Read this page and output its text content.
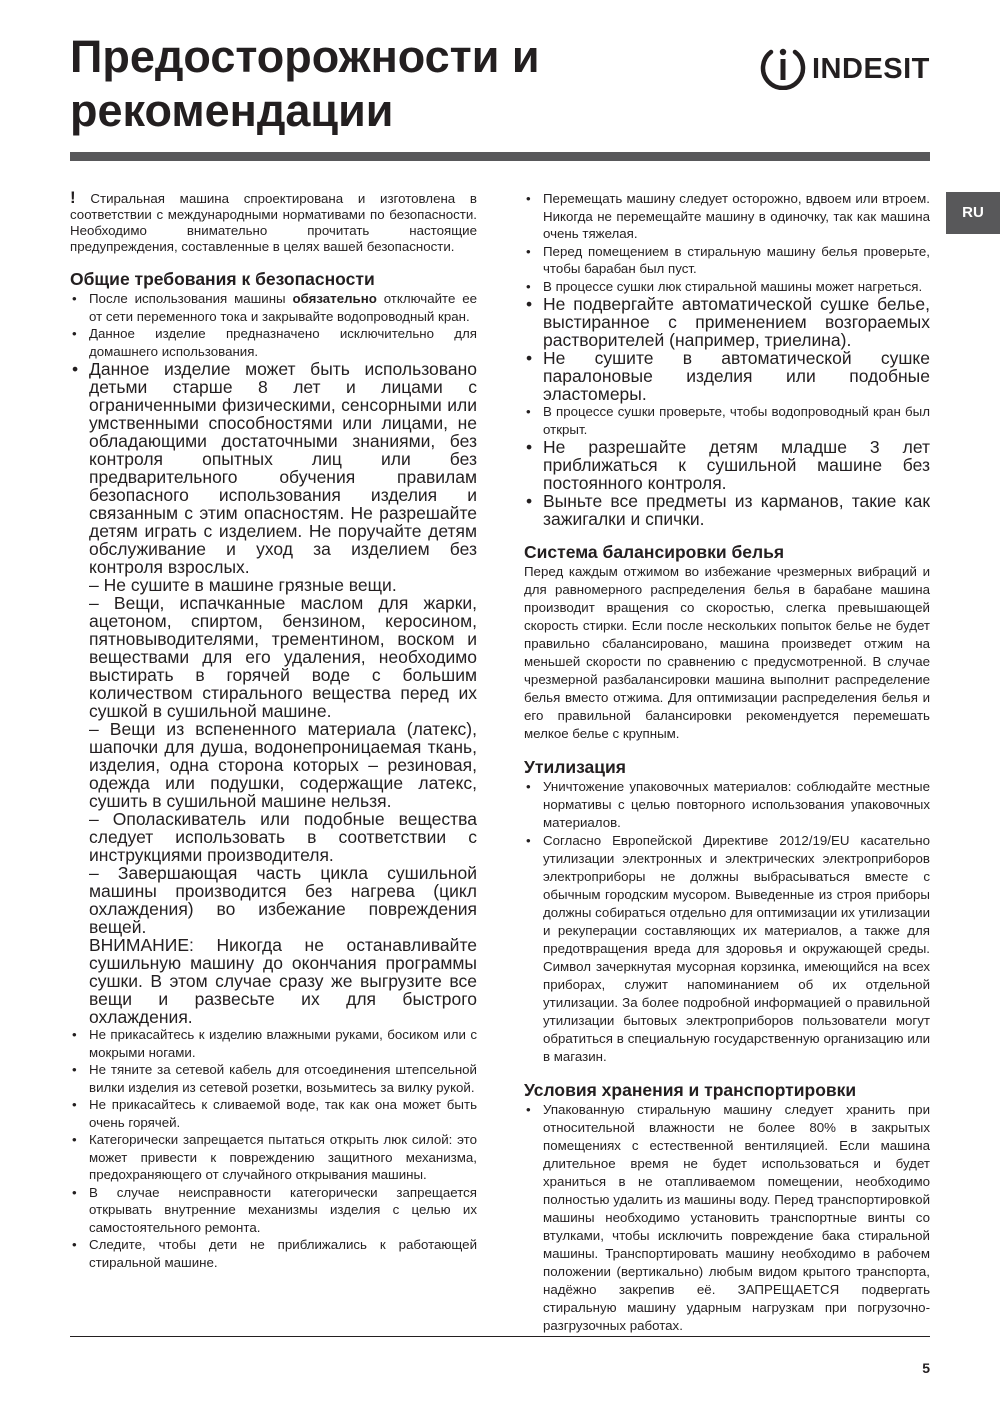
Предосторожности и
рекомендации
INDESIT
RU

! Стиральная машина спроектирована и изготовлена в соответствии с международными нормативами по безопасности. Необходимо внимательно прочитать настоящие предупреждения, составленные в целях вашей безопасности.

Общие требования к безопасности
• После использования машины обязательно отключайте ее от сети переменного тока и закрывайте водопроводный кран.
• Данное изделие предназначено исключительно для домашнего использования.
• Данное изделие может быть использовано детьми старше 8 лет и лицами с ограниченными физическими, сенсорными или умственными способностями или лицами, не обладающими достаточными знаниями, без контроля опытных лиц или без предварительного обучения правилам безопасного использования изделия и связанным с этим опасностям. Не разрешайте детям играть с изделием. Не поручайте детям обслуживание и уход за изделием без контроля взрослых.
– Не сушите в машине грязные вещи.
– Вещи, испачканные маслом для жарки, ацетоном, спиртом, бензином, керосином, пятновыводителями, трементином, воском и веществами для его удаления, необходимо выстирать в горячей воде с большим количеством стирального вещества перед их сушкой в сушильной машине.
– Вещи из вспененного материала (латекс), шапочки для душа, водонепроницаемая ткань, изделия, одна сторона которых – резиновая, одежда или подушки, содержащие латекс, сушить в сушильной машине нельзя.
– Ополаскиватель или подобные вещества следует использовать в соответствии с инструкциями производителя.
– Завершающая часть цикла сушильной машины производится без нагрева (цикл охлаждения) во избежание повреждения вещей.
ВНИМАНИЕ: Никогда не останавливайте сушильную машину до окончания программы сушки. В этом случае сразу же выгрузите все вещи и развесьте их для быстрого охлаждения.
• Не прикасайтесь к изделию влажными руками, босиком или с мокрыми ногами.
• Не тяните за сетевой кабель для отсоединения штепсельной вилки изделия из сетевой розетки, возьмитесь за вилку рукой.
• Не прикасайтесь к сливаемой воде, так как она может быть очень горячей.
• Категорически запрещается пытаться открыть люк силой: это может привести к повреждению защитного механизма, предохраняющего от случайного открывания машины.
• В случае неисправности категорически запрещается открывать внутренние механизмы изделия с целью их самостоятельного ремонта.
• Следите, чтобы дети не приближались к работающей стиральной машине.
• Перемещать машину следует осторожно, вдвоем или втроем. Никогда не перемещайте машину в одиночку, так как машина очень тяжелая.
• Перед помещением в стиральную машину белья проверьте, чтобы барабан был пуст.
• В процессе сушки люк стиральной машины может нагреться.
• Не подвергайте автоматической сушке белье, выстиранное с применением возгораемых растворителей (например, триелина).
• Не сушите в автоматической сушке паралоновые изделия или подобные эластомеры.
• В процессе сушки проверьте, чтобы водопроводный кран был открыт.
• Не разрешайте детям младше 3 лет приближаться к сушильной машине без постоянного контроля.
• Выньте все предметы из карманов, такие как зажигалки и спички.
Система балансировки белья

Перед каждым отжимом во избежание чрезмерных вибраций и для равномерного распределения белья в барабане машина производит вращения со скоростью, слегка превышающей скорость стирки. Если после нескольких попыток белье не будет правильно сбалансировано, машина произведет отжим на меньшей скорости по сравнению с предусмотренной. В случае чрезмерной разбалансировки машина выполнит распределение белья вместо отжима. Для оптимизации распределения белья и его правильной балансировки рекомендуется перемешать мелкое белье с крупным.

Утилизация
• Уничтожение упаковочных материалов: соблюдайте местные нормативы с целью повторного использования упаковочных материалов.
• Согласно Европейской Директиве 2012/19/EU касательно утилизации электронных и электрических электроприборов электроприборы не должны выбрасываться вместе с обычным городским мусором. Выведенные из строя приборы должны собираться отдельно для оптимизации их утилизации и рекуперации составляющих их материалов, а также для предотвращения вреда для здоровья и окружающей среды. Символ зачеркнутая мусорная корзинка, имеющийся на всех приборах, служит напоминанием об их отдельной утилизации. За более подробной информацией о правильной утилизации бытовых электроприборов пользователи могут обратиться в специальную государственную организацию или в магазин.
Условия хранения и транспортировки
• Упакованную стиральную машину следует хранить при относительной влажности не более 80% в закрытых помещениях с естественной вентиляцией. Если машина длительное время не будет использоваться и будет храниться в не отапливаемом помещении, необходимо полностью удалить из машины воду. Перед транспортировкой машины необходимо установить транспортные винты со втулками, чтобы исключить повреждение бака стиральной машины. Транспортировать машину необходимо в рабочем положении (вертикально) любым видом крытого транспорта, надёжно закрепив её. ЗАПРЕЩАЕТСЯ подвергать стиральную машину ударным нагрузкам при погрузочно-разгрузочных работах.
5
